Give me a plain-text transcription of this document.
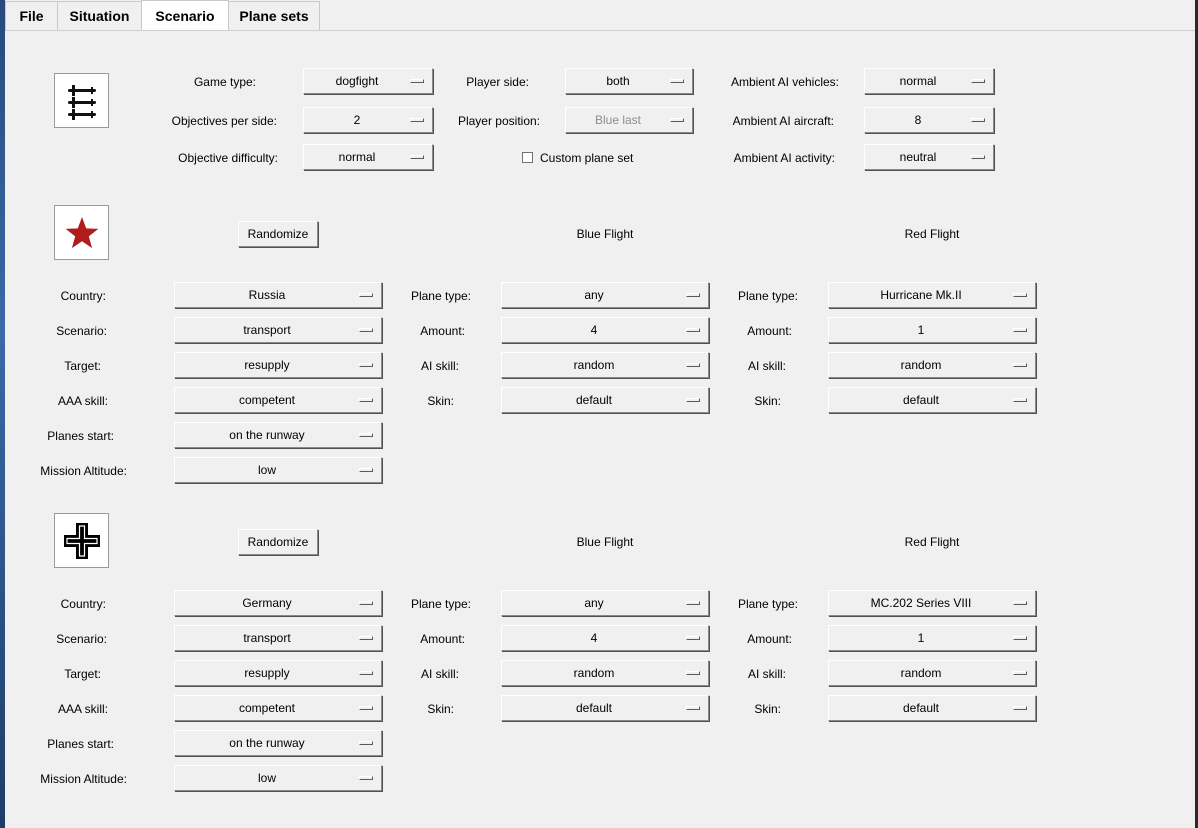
File	Situation	Scenario	Plane sets
Game type:	dogfight
Objectives per side:	2
Objective difficulty:	normal
Player side:	both
Player position:	Blue last
Custom plane set
Ambient AI vehicles:	normal
Ambient AI aircraft:	8
Ambient AI activity:	neutral
Randomize	Blue Flight	Red Flight
Country:	Russia
Scenario:	transport
Target:	resupply
AAA skill:	competent
Planes start:	on the runway
Mission Altitude:	low
Plane type:	any
Amount:	4
AI skill:	random
Skin:	default
Plane type:	Hurricane Mk.II
Amount:	1
AI skill:	random
Skin:	default
Randomize	Blue Flight	Red Flight
Country:	Germany
Scenario:	transport
Target:	resupply
AAA skill:	competent
Planes start:	on the runway
Mission Altitude:	low
Plane type:	any
Amount:	4
AI skill:	random
Skin:	default
Plane type:	MC.202 Series VIII
Amount:	1
AI skill:	random
Skin:	default
